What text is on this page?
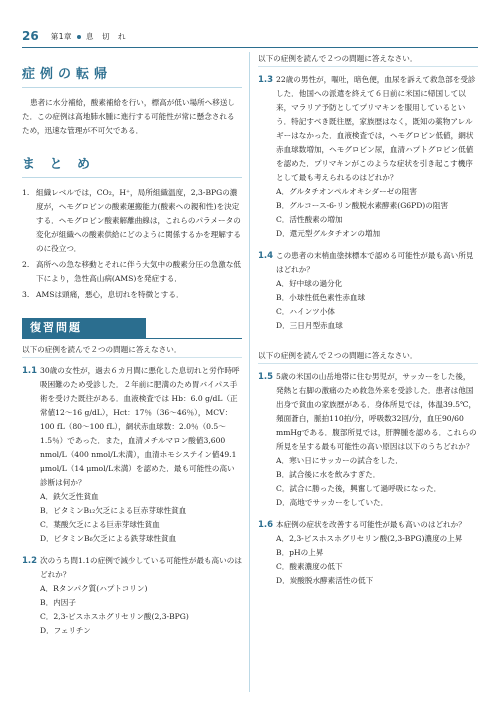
26 第1章 息　切　れ
症例の転帰

患者に水分補給，酸素補給を行い，標高が低い場所へ移送した．この症例は高地肺水腫に進行する可能性が常に懸念されるため，迅速な管理が不可欠である．

ま と め
1. 組織レベルでは，CO₂，H⁺，局所組織温度，2,3-BPGの濃度が，ヘモグロビンの酸素運搬能力(酸素への親和性)を決定する．ヘモグロビン酸素解離曲線は，これらのパラメータの変化が組織への酸素供給にどのように関係するかを理解するのに役立つ．
2. 高所への急な移動とそれに伴う大気中の酸素分圧の急激な低下により，急性高山病(AMS)を発症する．
3. AMSは頭痛，悪心，息切れを特徴とする．
復習問題

以下の症例を読んで２つの問題に答えなさい．

1.1 30歳の女性が，過去６カ月間に悪化した息切れと労作時呼吸困難のため受診した．２年前に肥満のため胃バイパス手術を受けた既往がある．血液検査では Hb：6.0 g/dL（正常値12〜16 g/dL），Hct：17％（36〜46％），MCV：100 fL（80〜100 fL），網状赤血球数：2.0％（0.5〜1.5％）であった．また，血清メチルマロン酸値3,600 nmol/L（400 nmol/L未満），血清ホモシステイン値49.1 μmol/L（14 μmol/L未満）を認めた．最も可能性の高い診断は何か？
A．鉄欠乏性貧血
B．ビタミンB₁₂欠乏による巨赤芽球性貧血
C．葉酸欠乏による巨赤芽球性貧血
D．ビタミンB₆欠乏による鉄芽球性貧血
1.2 次のうち問1.1の症例で減少している可能性が最も高いのはどれか？
A．Rタンパク質(ハプトコリン)
B．内因子
C．2,3-ビスホスホグリセリン酸(2,3-BPG)
D．フェリチン

以下の症例を読んで２つの問題に答えなさい．

1.3 22歳の男性が，嘔吐，暗色便，血尿を訴えて救急部を受診した．他国への派遣を終えて６日前に米国に帰国して以来，マラリア予防としてプリマキンを服用しているという．特記すべき既往歴，家族歴はなく，既知の薬物アレルギーはなかった．血液検査では，ヘモグロビン低値，網状赤血球数増加，ヘモグロビン尿，血清ハプトグロビン低値を認めた．プリマキンがこのような症状を引き起こす機序として最も考えられるのはどれか？
A．グルタチオンペルオキシダーゼの阻害
B．グルコース-6-リン酸脱水素酵素(G6PD)の阻害
C．活性酸素の増加
D．還元型グルタチオンの増加
1.4 この患者の末梢血塗抹標本で認める可能性が最も高い所見はどれか？
A．好中球の過分化
B．小球性低色素性赤血球
C．ハインツ小体
D．三日月型赤血球

以下の症例を読んで２つの問題に答えなさい．

1.5 5歳の米国の山岳地帯に住む男児が，サッカーをした後，発熱と右脚の激痛のため救急外来を受診した．患者は他国出身で貧血の家族歴がある．身体所見では，体温39.5℃，頻面蒼白，脈拍110拍/分，呼吸数32回/分，血圧90/60 mmHgである．腹部所見では，肝脾腫を認める．これらの所見を呈する最も可能性の高い原因は以下のうちどれか？
A．寒い日にサッカーの試合をした．
B．試合後に水を飲みすぎた．
C．試合に勝った後，興奮して過呼吸になった．
D．高地でサッカーをしていた．
1.6 本症例の症状を改善する可能性が最も高いのはどれか？
A．2,3-ビスホスホグリセリン酸(2,3-BPG)濃度の上昇
B．pHの上昇
C．酸素濃度の低下
D．炭酸脱水酵素活性の低下
